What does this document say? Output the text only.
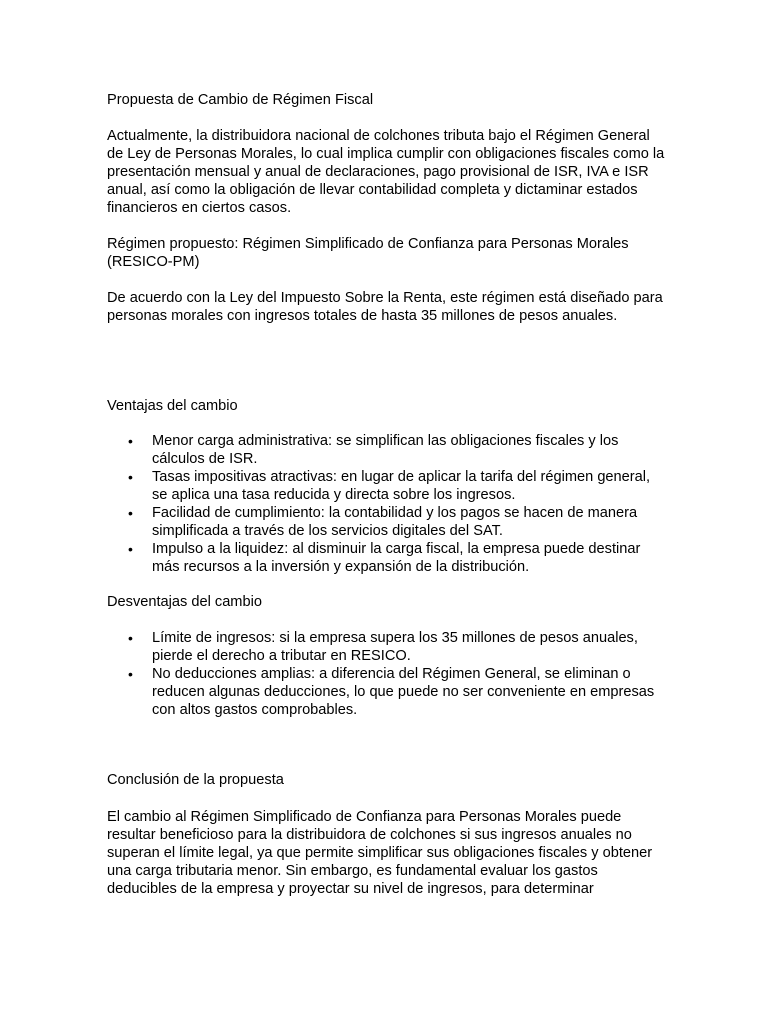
Propuesta de Cambio de Régimen Fiscal

Actualmente, la distribuidora nacional de colchones tributa bajo el Régimen General de Ley de Personas Morales, lo cual implica cumplir con obligaciones fiscales como la presentación mensual y anual de declaraciones, pago provisional de ISR, IVA e ISR anual, así como la obligación de llevar contabilidad completa y dictaminar estados financieros en ciertos casos.

Régimen propuesto: Régimen Simplificado de Confianza para Personas Morales (RESICO-PM)

De acuerdo con la Ley del Impuesto Sobre la Renta, este régimen está diseñado para personas morales con ingresos totales de hasta 35 millones de pesos anuales.

Ventajas del cambio

• Menor carga administrativa: se simplifican las obligaciones fiscales y los cálculos de ISR.
• Tasas impositivas atractivas: en lugar de aplicar la tarifa del régimen general, se aplica una tasa reducida y directa sobre los ingresos.
• Facilidad de cumplimiento: la contabilidad y los pagos se hacen de manera simplificada a través de los servicios digitales del SAT.
• Impulso a la liquidez: al disminuir la carga fiscal, la empresa puede destinar más recursos a la inversión y expansión de la distribución.

Desventajas del cambio

• Límite de ingresos: si la empresa supera los 35 millones de pesos anuales, pierde el derecho a tributar en RESICO.
• No deducciones amplias: a diferencia del Régimen General, se eliminan o reducen algunas deducciones, lo que puede no ser conveniente en empresas con altos gastos comprobables.

Conclusión de la propuesta

El cambio al Régimen Simplificado de Confianza para Personas Morales puede resultar beneficioso para la distribuidora de colchones si sus ingresos anuales no superan el límite legal, ya que permite simplificar sus obligaciones fiscales y obtener una carga tributaria menor. Sin embargo, es fundamental evaluar los gastos deducibles de la empresa y proyectar su nivel de ingresos, para determinar
